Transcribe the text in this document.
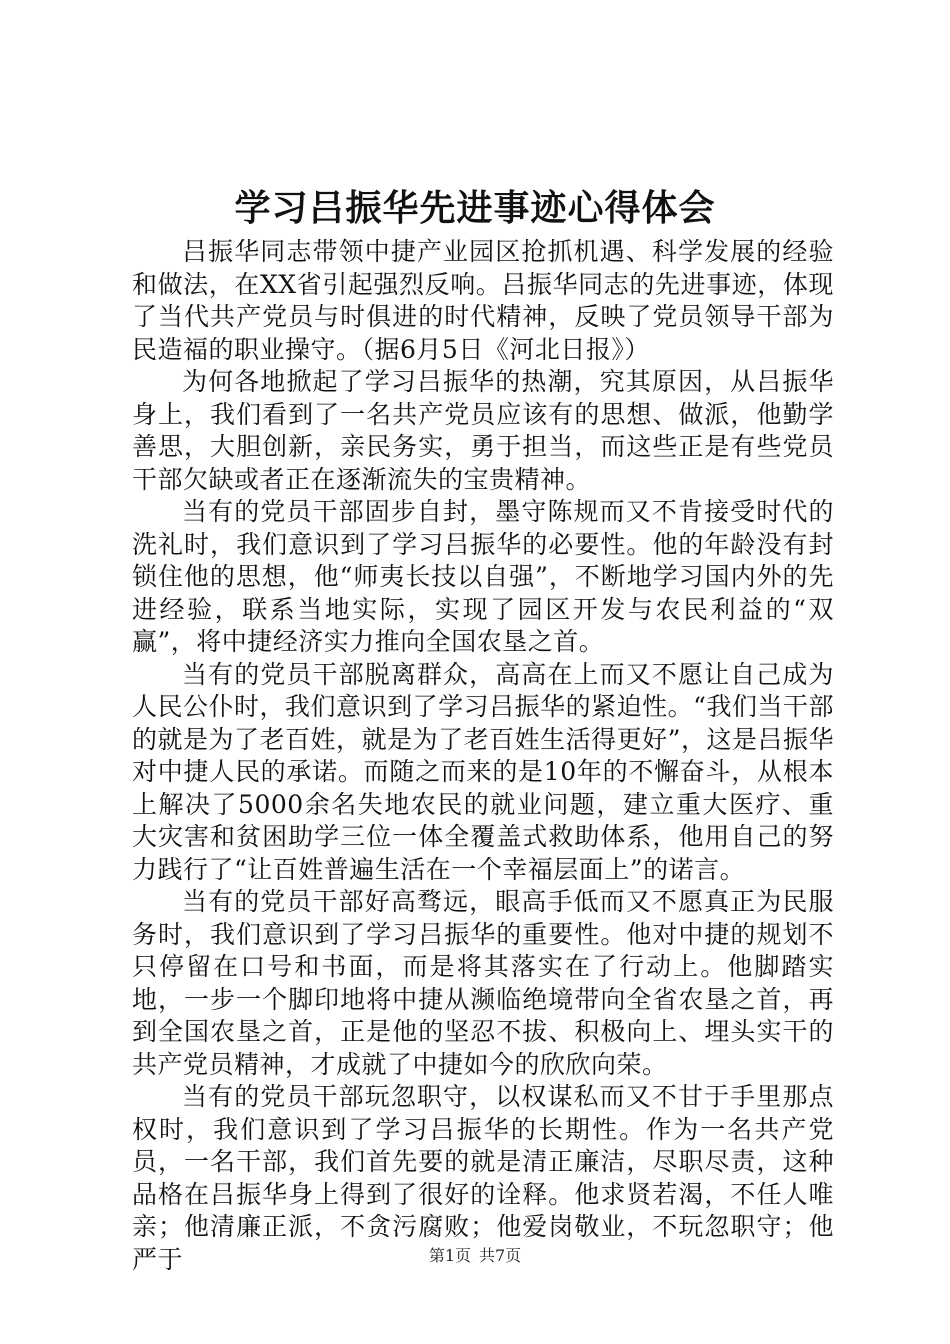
学习吕振华先进事迹心得体会

吕振华同志带领中捷产业园区抢抓机遇、科学发展的经验和做法，在XX省引起强烈反响。吕振华同志的先进事迹，体现了当代共产党员与时俱进的时代精神，反映了党员领导干部为民造福的职业操守。（据6月5日《河北日报》）

为何各地掀起了学习吕振华的热潮，究其原因，从吕振华身上，我们看到了一名共产党员应该有的思想、做派，他勤学善思，大胆创新，亲民务实，勇于担当，而这些正是有些党员干部欠缺或者正在逐渐流失的宝贵精神。

当有的党员干部固步自封，墨守陈规而又不肯接受时代的洗礼时，我们意识到了学习吕振华的必要性。他的年龄没有封锁住他的思想，他“师夷长技以自强”，不断地学习国内外的先进经验，联系当地实际，实现了园区开发与农民利益的“双赢”，将中捷经济实力推向全国农垦之首。

当有的党员干部脱离群众，高高在上而又不愿让自己成为人民公仆时，我们意识到了学习吕振华的紧迫性。“我们当干部的就是为了老百姓，就是为了老百姓生活得更好”，这是吕振华对中捷人民的承诺。而随之而来的是10年的不懈奋斗，从根本上解决了5000余名失地农民的就业问题，建立重大医疗、重大灾害和贫困助学三位一体全覆盖式救助体系，他用自己的努力践行了“让百姓普遍生活在一个幸福层面上”的诺言。

当有的党员干部好高骛远，眼高手低而又不愿真正为民服务时，我们意识到了学习吕振华的重要性。他对中捷的规划不只停留在口号和书面，而是将其落实在了行动上。他脚踏实地，一步一个脚印地将中捷从濒临绝境带向全省农垦之首，再到全国农垦之首，正是他的坚忍不拔、积极向上、埋头实干的共产党员精神，才成就了中捷如今的欣欣向荣。

当有的党员干部玩忽职守，以权谋私而又不甘于手里那点权时，我们意识到了学习吕振华的长期性。作为一名共产党员，一名干部，我们首先要的就是清正廉洁，尽职尽责，这种品格在吕振华身上得到了很好的诠释。他求贤若渴，不任人唯亲；他清廉正派，不贪污腐败；他爱岗敬业，不玩忽职守；他严于	第1页 共7页
